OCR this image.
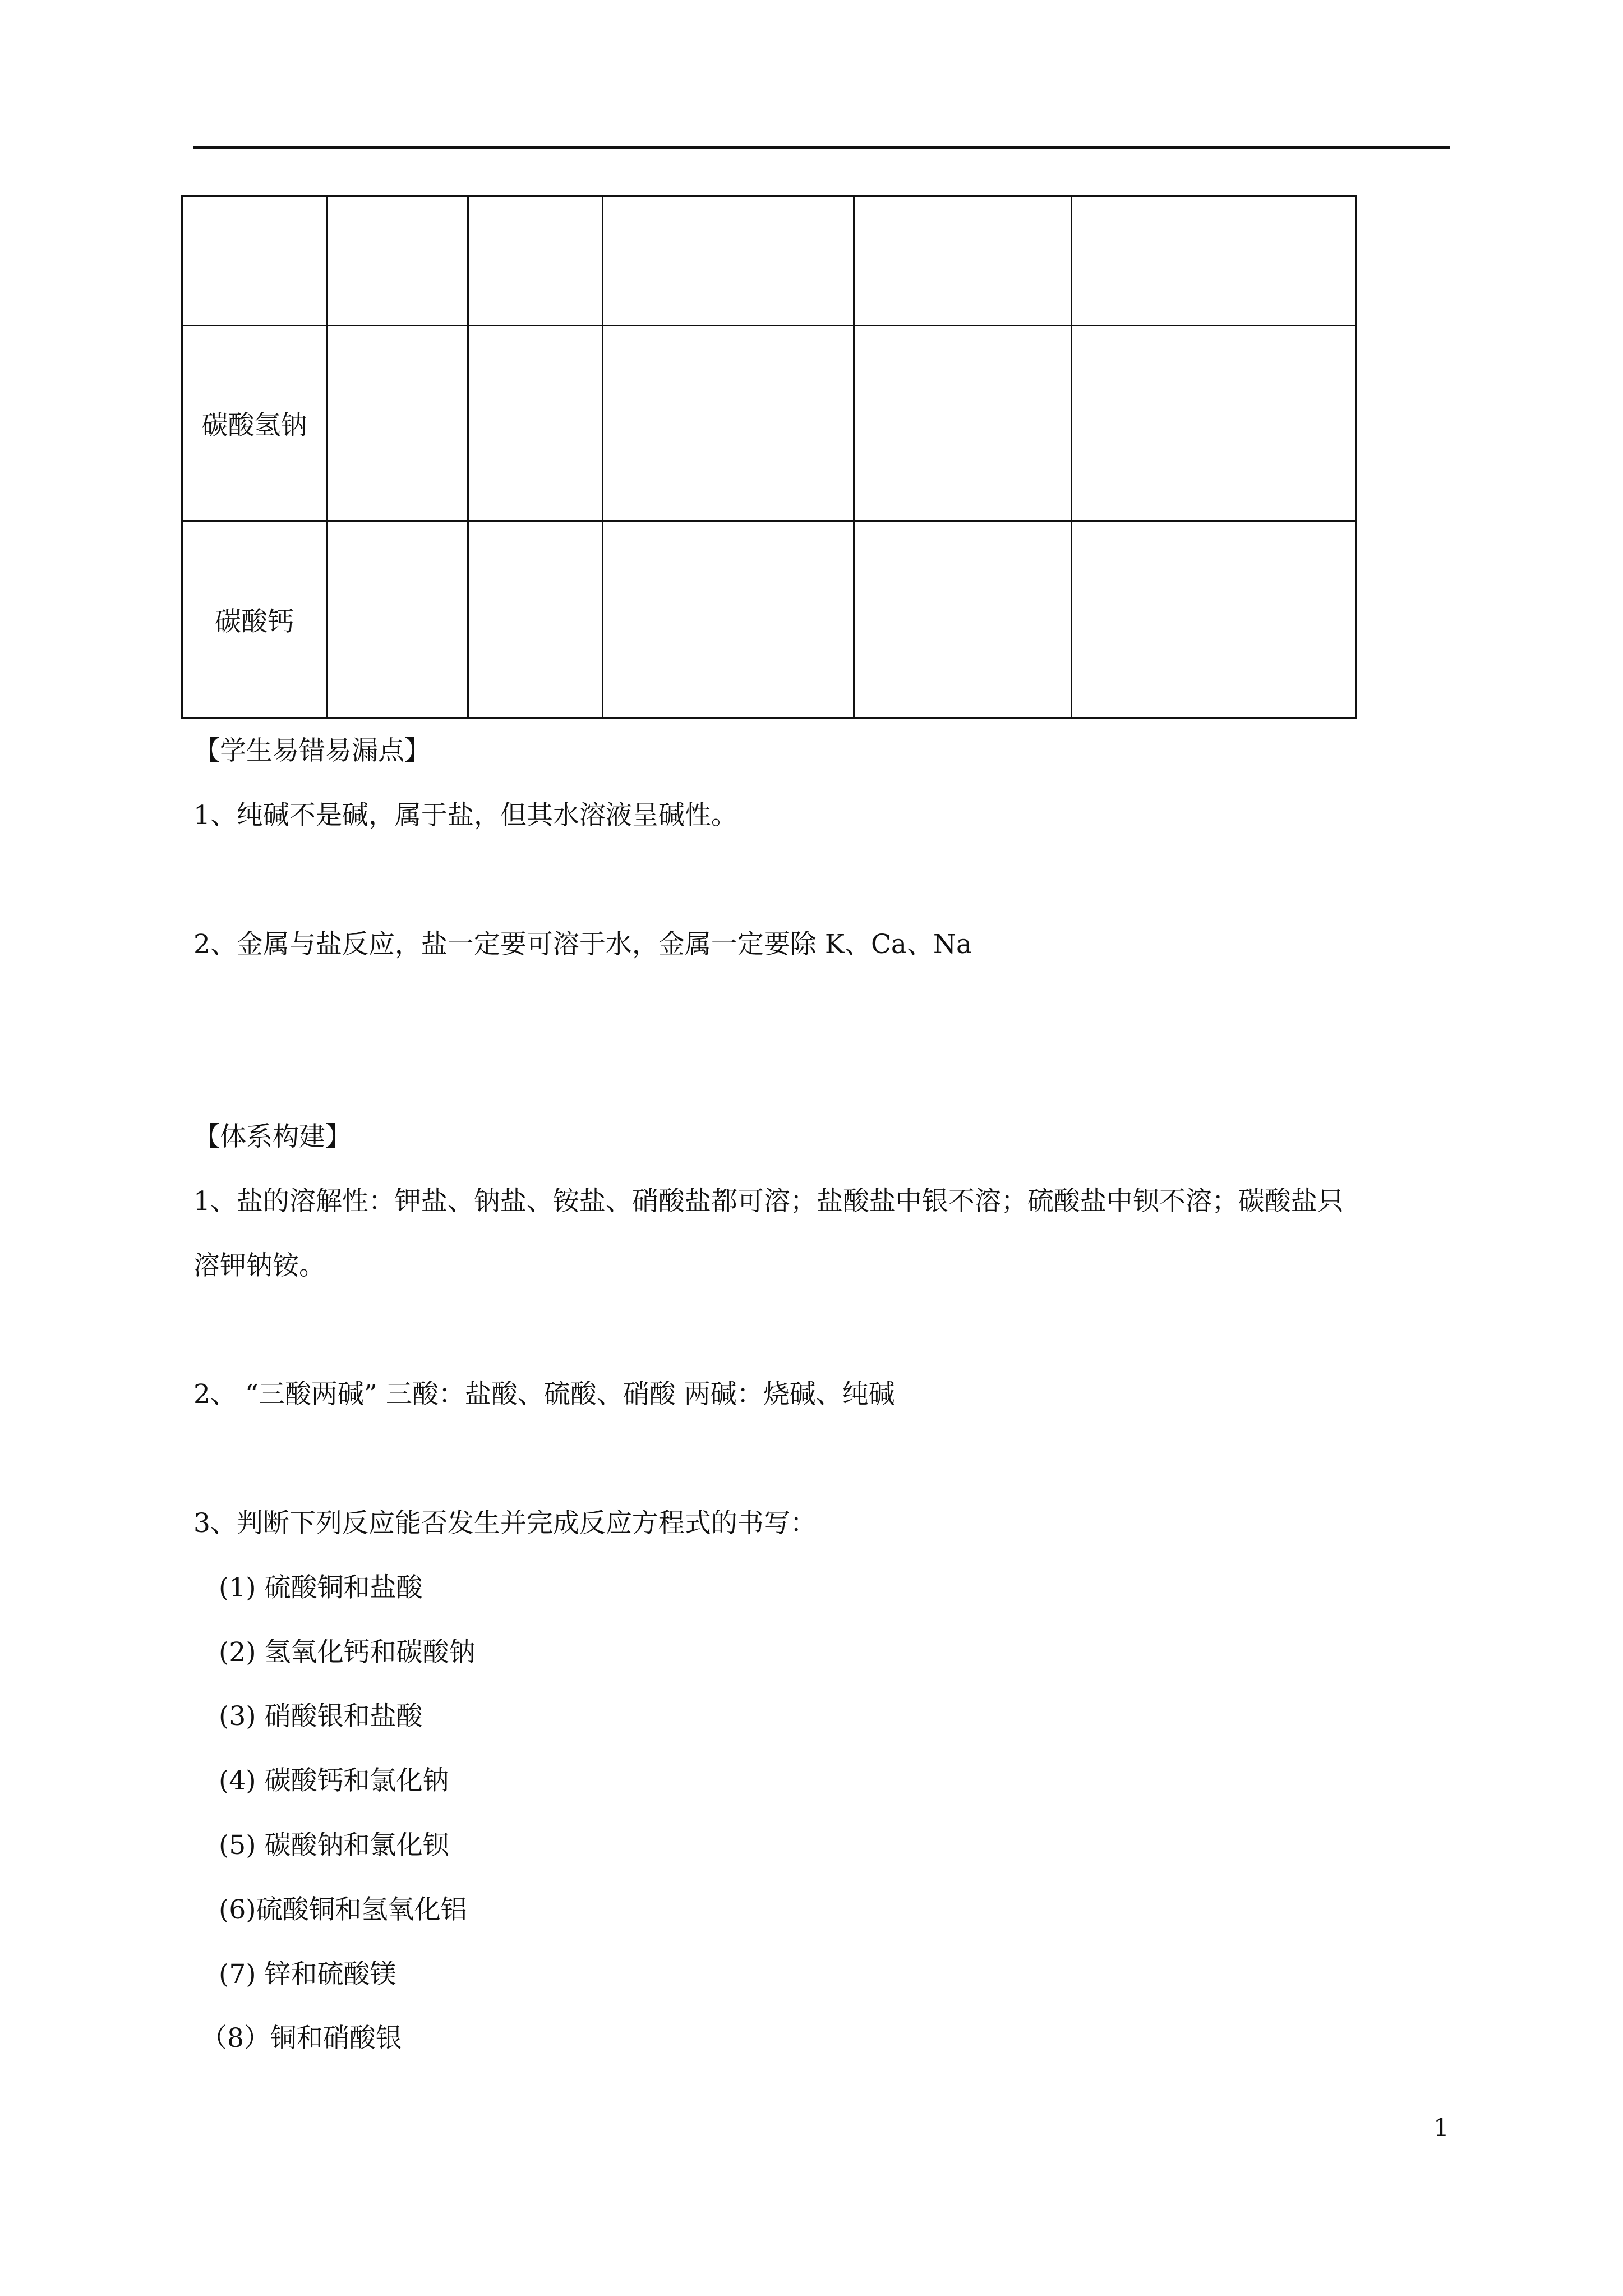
碳酸氢钠					
碳酸钙					
【学生易错易漏点】
1、纯碱不是碱，属于盐，但其水溶液呈碱性。
2、金属与盐反应，盐一定要可溶于水，金属一定要除 K、Ca、Na
【体系构建】
1、盐的溶解性：钾盐、钠盐、铵盐、硝酸盐都可溶；盐酸盐中银不溶；硫酸盐中钡不溶；碳酸盐只
溶钾钠铵。
2、 “三酸两碱” 三酸：盐酸、硫酸、硝酸 两碱：烧碱、纯碱
3、判断下列反应能否发生并完成反应方程式的书写：
(1) 硫酸铜和盐酸
(2) 氢氧化钙和碳酸钠
(3) 硝酸银和盐酸
(4) 碳酸钙和氯化钠
(5) 碳酸钠和氯化钡
(6)硫酸铜和氢氧化铝
(7) 锌和硫酸镁
（8）铜和硝酸银
1
